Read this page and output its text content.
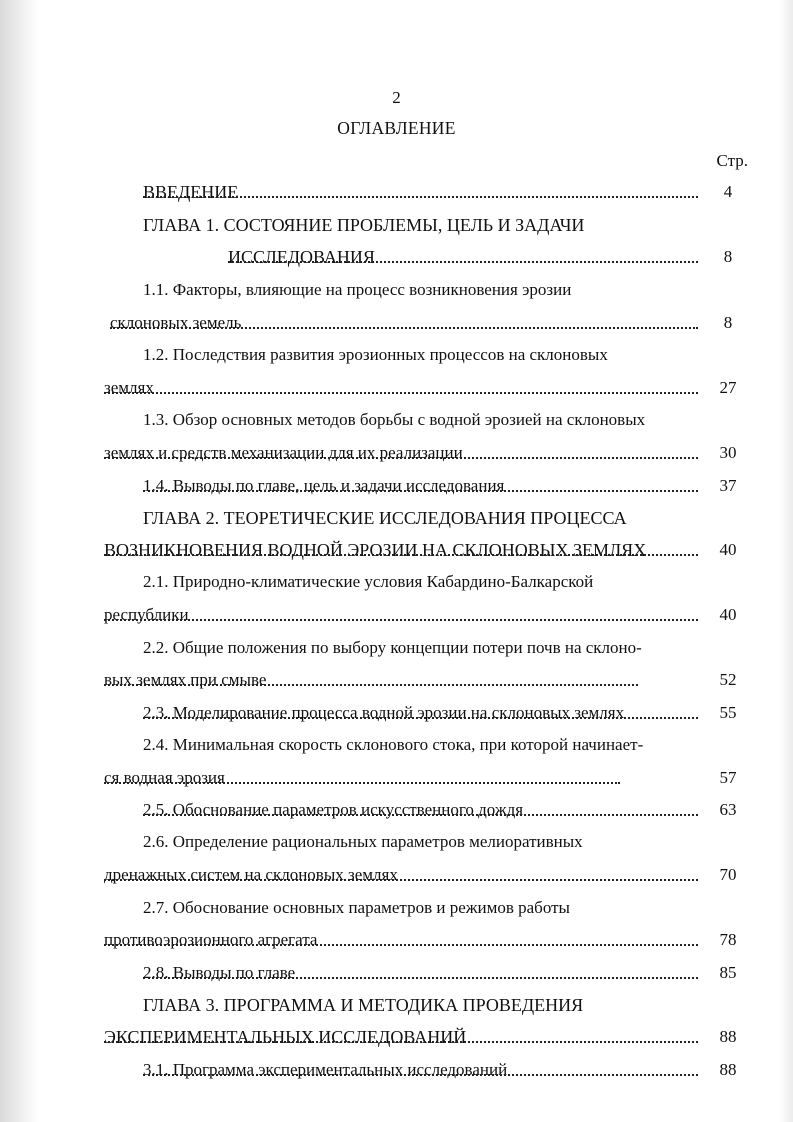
2
ОГЛАВЛЕНИЕ
Стр.
ВВЕДЕНИЕ	4
ГЛАВА 1. СОСТОЯНИЕ ПРОБЛЕМЫ, ЦЕЛЬ И ЗАДАЧИ
ИССЛЕДОВАНИЯ	8
1.1. Факторы, влияющие на процесс возникновения эрозии
склоновых земель	8
1.2. Последствия развития эрозионных процессов на склоновых
землях	27
1.3. Обзор основных методов борьбы с водной эрозией на склоновых
землях и средств механизации для их реализации	30
1.4. Выводы по главе, цель и задачи исследования	37
ГЛАВА 2. ТЕОРЕТИЧЕСКИЕ ИССЛЕДОВАНИЯ ПРОЦЕССА
ВОЗНИКНОВЕНИЯ ВОДНОЙ ЭРОЗИИ НА СКЛОНОВЫХ ЗЕМЛЯХ	40
2.1. Природно-климатические условия Кабардино-Балкарской
республики	40
2.2. Общие положения по выбору концепции потери почв на склоно-
вых землях при смыве	52
2.3. Моделирование процесса водной эрозии на склоновых землях	55
2.4. Минимальная скорость склонового стока, при которой начинает-
ся водная эрозия	57
2.5. Обоснование параметров искусственного дождя	63
2.6. Определение рациональных параметров мелиоративных
дренажных систем на склоновых землях	70
2.7. Обоснование основных параметров и режимов работы
противоэрозионного агрегата	78
2.8. Выводы по главе	85
ГЛАВА 3. ПРОГРАММА И МЕТОДИКА ПРОВЕДЕНИЯ
ЭКСПЕРИМЕНТАЛЬНЫХ ИССЛЕДОВАНИЙ	88
3.1. Программа экспериментальных исследований	88
